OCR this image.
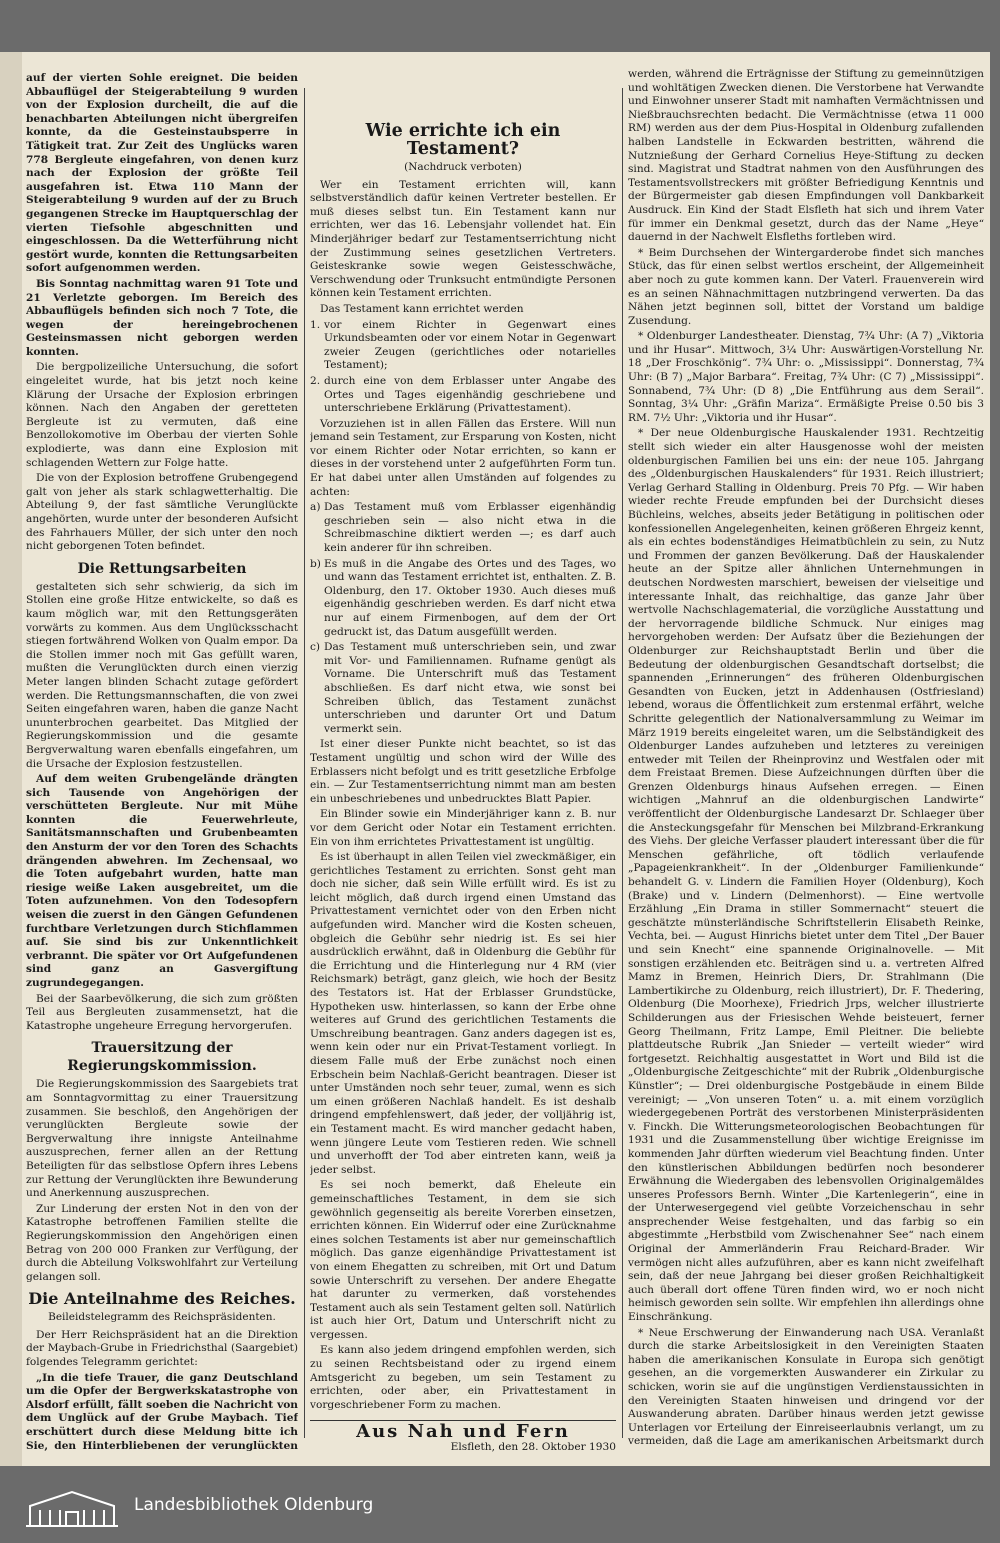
auf der vierten Sohle ereignet. Die beiden Abbauflügel der Steigerabteilung 9 wurden von der Explosion durcheilt, die auf die benachbarten Abteilungen nicht übergreifen konnte, da die Gesteinstaubsperre in Tätigkeit trat. Zur Zeit des Unglücks waren 778 Bergleute eingefahren, von denen kurz nach der Explosion der größte Teil ausgefahren ist. Etwa 110 Mann der Steigerabteilung 9 wurden auf der zu Bruch gegangenen Strecke im Hauptquerschlag der vierten Tiefsohle abgeschnitten und eingeschlossen. Da die Wetterführung nicht gestört wurde, konnten die Rettungsarbeiten sofort aufgenommen werden.

Bis Sonntag nachmittag waren 91 Tote und 21 Verletzte geborgen. Im Bereich des Abbauflügels befinden sich noch 7 Tote, die wegen der hereingebrochenen Gesteinsmassen nicht geborgen werden konnten.

Die bergpolizeiliche Untersuchung, die sofort eingeleitet wurde, hat bis jetzt noch keine Klärung der Ursache der Explosion erbringen können. Nach den Angaben der geretteten Bergleute ist zu vermuten, daß eine Benzollokomotive im Oberbau der vierten Sohle explodierte, was dann eine Explosion mit schlagenden Wettern zur Folge hatte.

Die von der Explosion betroffene Grubengegend galt von jeher als stark schlagwetterhaltig. Die Abteilung 9, der fast sämtliche Verunglückte angehörten, wurde unter der besonderen Aufsicht des Fahrhauers Müller, der sich unter den noch nicht geborgenen Toten befindet.

Die Rettungsarbeiten

gestalteten sich sehr schwierig, da sich im Stollen eine große Hitze entwickelte, so daß es kaum möglich war, mit den Rettungsgeräten vorwärts zu kommen. Aus dem Unglücksschacht stiegen fortwährend Wolken von Qualm empor. Da die Stollen immer noch mit Gas gefüllt waren, mußten die Verunglückten durch einen vierzig Meter langen blinden Schacht zutage gefördert werden. Die Rettungsmannschaften, die von zwei Seiten eingefahren waren, haben die ganze Nacht ununterbrochen gearbeitet. Das Mitglied der Regierungskommission und die gesamte Bergverwaltung waren ebenfalls eingefahren, um die Ursache der Explosion festzustellen.

Auf dem weiten Grubengelände drängten sich Tausende von Angehörigen der verschütteten Bergleute. Nur mit Mühe konnten die Feuerwehrleute, Sanitätsmannschaften und Grubenbeamten den Ansturm der vor den Toren des Schachts drängenden abwehren. Im Zechensaal, wo die Toten aufgebahrt wurden, hatte man riesige weiße Laken ausgebreitet, um die Toten aufzunehmen. Von den Todesopfern weisen die zuerst in den Gängen Gefundenen furchtbare Verletzungen durch Stichflammen auf. Sie sind bis zur Unkenntlichkeit verbrannt. Die später vor Ort Aufgefundenen sind ganz an Gasvergiftung zugrundegegangen.

Bei der Saarbevölkerung, die sich zum größten Teil aus Bergleuten zusammensetzt, hat die Katastrophe ungeheure Erregung hervorgerufen.

Trauersitzung der Regierungskommission.

Die Regierungskommission des Saargebiets trat am Sonntagvormittag zu einer Trauersitzung zusammen. Sie beschloß, den Angehörigen der verunglückten Bergleute sowie der Bergverwaltung ihre innigste Anteilnahme auszusprechen, ferner allen an der Rettung Beteiligten für das selbstlose Opfern ihres Lebens zur Rettung der Verunglückten ihre Bewunderung und Anerkennung auszusprechen.

Zur Linderung der ersten Not in den von der Katastrophe betroffenen Familien stellte die Regierungskommission den Angehörigen einen Betrag von 200 000 Franken zur Verfügung, der durch die Abteilung Volkswohlfahrt zur Verteilung gelangen soll.

Die Anteilnahme des Reiches.
Beileidstelegramm des Reichspräsidenten.

Der Herr Reichspräsident hat an die Direktion der Maybach-Grube in Friedrichsthal (Saargebiet) folgendes Telegramm gerichtet:

„In die tiefe Trauer, die ganz Deutschland um die Opfer der Bergwerkskatastrophe von Alsdorf erfüllt, fällt soeben die Nachricht von dem Unglück auf der Grube Maybach. Tief erschüttert durch diese Meldung bitte ich Sie, den Hinterbliebenen der verunglückten

Wie errichte ich ein Testament?
(Nachdruck verboten)

Wer ein Testament errichten will, kann selbstverständlich dafür keinen Vertreter bestellen. Er muß dieses selbst tun. Ein Testament kann nur errichten, wer das 16. Lebensjahr vollendet hat. Ein Minderjähriger bedarf zur Testamentserrichtung nicht der Zustimmung seines gesetzlichen Vertreters. Geisteskranke sowie wegen Geistesschwäche, Verschwendung oder Trunksucht entmündigte Personen können kein Testament errichten.

Das Testament kann errichtet werden

1. vor einem Richter in Gegenwart eines Urkundsbeamten oder vor einem Notar in Gegenwart zweier Zeugen (gerichtliches oder notarielles Testament);

2. durch eine von dem Erblasser unter Angabe des Ortes und Tages eigenhändig geschriebene und unterschriebene Erklärung (Privattestament).

Vorzuziehen ist in allen Fällen das Erstere. Will nun jemand sein Testament, zur Ersparung von Kosten, nicht vor einem Richter oder Notar errichten, so kann er dieses in der vorstehend unter 2 aufgeführten Form tun. Er hat dabei unter allen Umständen auf folgendes zu achten:

a) Das Testament muß vom Erblasser eigenhändig geschrieben sein — also nicht etwa in die Schreibmaschine diktiert werden —; es darf auch kein anderer für ihn schreiben.

b) Es muß in die Angabe des Ortes und des Tages, wo und wann das Testament errichtet ist, enthalten. Z. B. Oldenburg, den 17. Oktober 1930. Auch dieses muß eigenhändig geschrieben werden. Es darf nicht etwa nur auf einem Firmenbogen, auf dem der Ort gedruckt ist, das Datum ausgefüllt werden.

c) Das Testament muß unterschrieben sein, und zwar mit Vor- und Familiennamen. Rufname genügt als Vorname. Die Unterschrift muß das Testament abschließen. Es darf nicht etwa, wie sonst bei Schreiben üblich, das Testament zunächst unterschrieben und darunter Ort und Datum vermerkt sein.

Ist einer dieser Punkte nicht beachtet, so ist das Testament ungültig und schon wird der Wille des Erblassers nicht befolgt und es tritt gesetzliche Erbfolge ein. — Zur Testamentserrichtung nimmt man am besten ein unbeschriebenes und unbedrucktes Blatt Papier.

Ein Blinder sowie ein Minderjähriger kann z. B. nur vor dem Gericht oder Notar ein Testament errichten. Ein von ihm errichtetes Privattestament ist ungültig.

Es ist überhaupt in allen Teilen viel zweckmäßiger, ein gerichtliches Testament zu errichten. Sonst geht man doch nie sicher, daß sein Wille erfüllt wird. Es ist zu leicht möglich, daß durch irgend einen Umstand das Privattestament vernichtet oder von den Erben nicht aufgefunden wird. Mancher wird die Kosten scheuen, obgleich die Gebühr sehr niedrig ist. Es sei hier ausdrücklich erwähnt, daß in Oldenburg die Gebühr für die Errichtung und die Hinterlegung nur 4 RM (vier Reichsmark) beträgt, ganz gleich, wie hoch der Besitz des Testators ist. Hat der Erblasser Grundstücke, Hypotheken usw. hinterlassen, so kann der Erbe ohne weiteres auf Grund des gerichtlichen Testaments die Umschreibung beantragen. Ganz anders dagegen ist es, wenn kein oder nur ein Privat-Testament vorliegt. In diesem Falle muß der Erbe zunächst noch einen Erbschein beim Nachlaß-Gericht beantragen. Dieser ist unter Umständen noch sehr teuer, zumal, wenn es sich um einen größeren Nachlaß handelt. Es ist deshalb dringend empfehlenswert, daß jeder, der volljährig ist, ein Testament macht. Es wird mancher gedacht haben, wenn jüngere Leute vom Testieren reden. Wie schnell und unverhofft der Tod aber eintreten kann, weiß ja jeder selbst.

Es sei noch bemerkt, daß Eheleute ein gemeinschaftliches Testament, in dem sie sich gewöhnlich gegenseitig als bereite Vorerben einsetzen, errichten können. Ein Widerruf oder eine Zurücknahme eines solchen Testaments ist aber nur gemeinschaftlich möglich. Das ganze eigenhändige Privattestament ist von einem Ehegatten zu schreiben, mit Ort und Datum sowie Unterschrift zu versehen. Der andere Ehegatte hat darunter zu vermerken, daß vorstehendes Testament auch als sein Testament gelten soll. Natürlich ist auch hier Ort, Datum und Unterschrift nicht zu vergessen.

Es kann also jedem dringend empfohlen werden, sich zu seinen Rechtsbeistand oder zu irgend einem Amtsgericht zu begeben, um sein Testament zu errichten, oder aber, ein Privattestament in vorgeschriebener Form zu machen.

Aus Nah und Fern
Elsfleth, den 28. Oktober 1930

werden, während die Erträgnisse der Stiftung zu gemeinnützigen und wohltätigen Zwecken dienen. Die Verstorbene hat Verwandte und Einwohner unserer Stadt mit namhaften Vermächtnissen und Nießbrauchsrechten bedacht. Die Vermächtnisse (etwa 11 000 RM) werden aus der dem Pius-Hospital in Oldenburg zufallenden halben Landstelle in Eckwarden bestritten, während die Nutznießung der Gerhard Cornelius Heye-Stiftung zu decken sind. Magistrat und Stadtrat nahmen von den Ausführungen des Testamentsvollstreckers mit größter Befriedigung Kenntnis und der Bürgermeister gab diesen Empfindungen voll Dankbarkeit Ausdruck. Ein Kind der Stadt Elsfleth hat sich und ihrem Vater für immer ein Denkmal gesetzt, durch das der Name „Heye“ dauernd in der Nachwelt Elsfleths fortleben wird.

* Beim Durchsehen der Wintergarderobe findet sich manches Stück, das für einen selbst wertlos erscheint, der Allgemeinheit aber noch zu gute kommen kann. Der Vaterl. Frauenverein wird es an seinen Nähnachmittagen nutzbringend verwerten. Da das Nähen jetzt beginnen soll, bittet der Vorstand um baldige Zusendung.

* Oldenburger Landestheater. Dienstag, 7¾ Uhr: (A 7) „Viktoria und ihr Husar“. Mittwoch, 3¼ Uhr: Auswärtigen-Vorstellung Nr. 18 „Der Froschkönig“. 7¾ Uhr: o. „Mississippi“. Donnerstag, 7¾ Uhr: (B 7) „Major Barbara“. Freitag, 7¾ Uhr: (C 7) „Mississippi“. Sonnabend, 7¾ Uhr: (D 8) „Die Entführung aus dem Serail“. Sonntag, 3¼ Uhr: „Gräfin Mariza“. Ermäßigte Preise 0.50 bis 3 RM. 7½ Uhr: „Viktoria und ihr Husar“.

* Der neue Oldenburgische Hauskalender 1931. Rechtzeitig stellt sich wieder ein alter Hausgenosse wohl der meisten oldenburgischen Familien bei uns ein: der neue 105. Jahrgang des „Oldenburgischen Hauskalenders“ für 1931. Reich illustriert; Verlag Gerhard Stalling in Oldenburg. Preis 70 Pfg. — Wir haben wieder rechte Freude empfunden bei der Durchsicht dieses Büchleins, welches, abseits jeder Betätigung in politischen oder konfessionellen Angelegenheiten, keinen größeren Ehrgeiz kennt, als ein echtes bodenständiges Heimatbüchlein zu sein, zu Nutz und Frommen der ganzen Bevölkerung. Daß der Hauskalender heute an der Spitze aller ähnlichen Unternehmungen in deutschen Nordwesten marschiert, beweisen der vielseitige und interessante Inhalt, das reichhaltige, das ganze Jahr über wertvolle Nachschlagematerial, die vorzügliche Ausstattung und der hervorragende bildliche Schmuck. Nur einiges mag hervorgehoben werden: Der Aufsatz über die Beziehungen der Oldenburger zur Reichshauptstadt Berlin und über die Bedeutung der oldenburgischen Gesandtschaft dortselbst; die spannenden „Erinnerungen“ des früheren Oldenburgischen Gesandten von Eucken, jetzt in Addenhausen (Ostfriesland) lebend, woraus die Öffentlichkeit zum erstenmal erfährt, welche Schritte gelegentlich der Nationalversammlung zu Weimar im März 1919 bereits eingeleitet waren, um die Selbständigkeit des Oldenburger Landes aufzuheben und letzteres zu vereinigen entweder mit Teilen der Rheinprovinz und Westfalen oder mit dem Freistaat Bremen. Diese Aufzeichnungen dürften über die Grenzen Oldenburgs hinaus Aufsehen erregen. — Einen wichtigen „Mahnruf an die oldenburgischen Landwirte“ veröffentlicht der Oldenburgische Landesarzt Dr. Schlaeger über die Ansteckungsgefahr für Menschen bei Milzbrand-Erkrankung des Viehs. Der gleiche Verfasser plaudert interessant über die für Menschen gefährliche, oft tödlich verlaufende „Papageienkrankheit“. In der „Oldenburger Familienkunde“ behandelt G. v. Lindern die Familien Hoyer (Oldenburg), Koch (Brake) und v. Lindern (Delmenhorst). — Eine wertvolle Erzählung „Ein Drama in stiller Sommernacht“ steuert die geschätzte münsterländische Schriftstellerin Elisabeth Reinke, Vechta, bei. — August Hinrichs bietet unter dem Titel „Der Bauer und sein Knecht“ eine spannende Originalnovelle. — Mit sonstigen erzählenden etc. Beiträgen sind u. a. vertreten Alfred Mamz in Bremen, Heinrich Diers, Dr. Strahlmann (Die Lambertikirche zu Oldenburg, reich illustriert), Dr. F. Thedering, Oldenburg (Die Moorhexe), Friedrich Jrps, welcher illustrierte Schilderungen aus der Friesischen Wehde beisteuert, ferner Georg Theilmann, Fritz Lampe, Emil Pleitner. Die beliebte plattdeutsche Rubrik „Jan Snieder — verteilt wieder“ wird fortgesetzt. Reichhaltig ausgestattet in Wort und Bild ist die „Oldenburgische Zeitgeschichte“ mit der Rubrik „Oldenburgische Künstler“; — Drei oldenburgische Postgebäude in einem Bilde vereinigt; — „Von unseren Toten“ u. a. mit einem vorzüglich wiedergegebenen Porträt des verstorbenen Ministerpräsidenten v. Finckh. Die Witterungsmeteorologischen Beobachtungen für 1931 und die Zusammenstellung über wichtige Ereignisse im kommenden Jahr dürften wiederum viel Beachtung finden. Unter den künstlerischen Abbildungen bedürfen noch besonderer Erwähnung die Wiedergaben des lebensvollen Originalgemäldes unseres Professors Bernh. Winter „Die Kartenlegerin“, eine in der Unterwesergegend viel geübte Vorzeichenschau in sehr ansprechender Weise festgehalten, und das farbig so ein abgestimmte „Herbstbild vom Zwischenahner See“ nach einem Original der Ammerländerin Frau Reichard-Brader. Wir vermögen nicht alles aufzuführen, aber es kann nicht zweifelhaft sein, daß der neue Jahrgang bei dieser großen Reichhaltigkeit auch überall dort offene Türen finden wird, wo er noch nicht heimisch geworden sein sollte. Wir empfehlen ihn allerdings ohne Einschränkung.

* Neue Erschwerung der Einwanderung nach USA. Veranlaßt durch die starke Arbeitslosigkeit in den Vereinigten Staaten haben die amerikanischen Konsulate in Europa sich genötigt gesehen, an die vorgemerkten Auswanderer ein Zirkular zu schicken, worin sie auf die ungünstigen Verdienstaussichten in den Vereinigten Staaten hinweisen und dringend vor der Auswanderung abraten. Darüber hinaus werden jetzt gewisse Unterlagen vor Erteilung der Einreiseerlaubnis verlangt, um zu vermeiden, daß die Lage am amerikanischen Arbeitsmarkt durch

Landesbibliothek Oldenburg
